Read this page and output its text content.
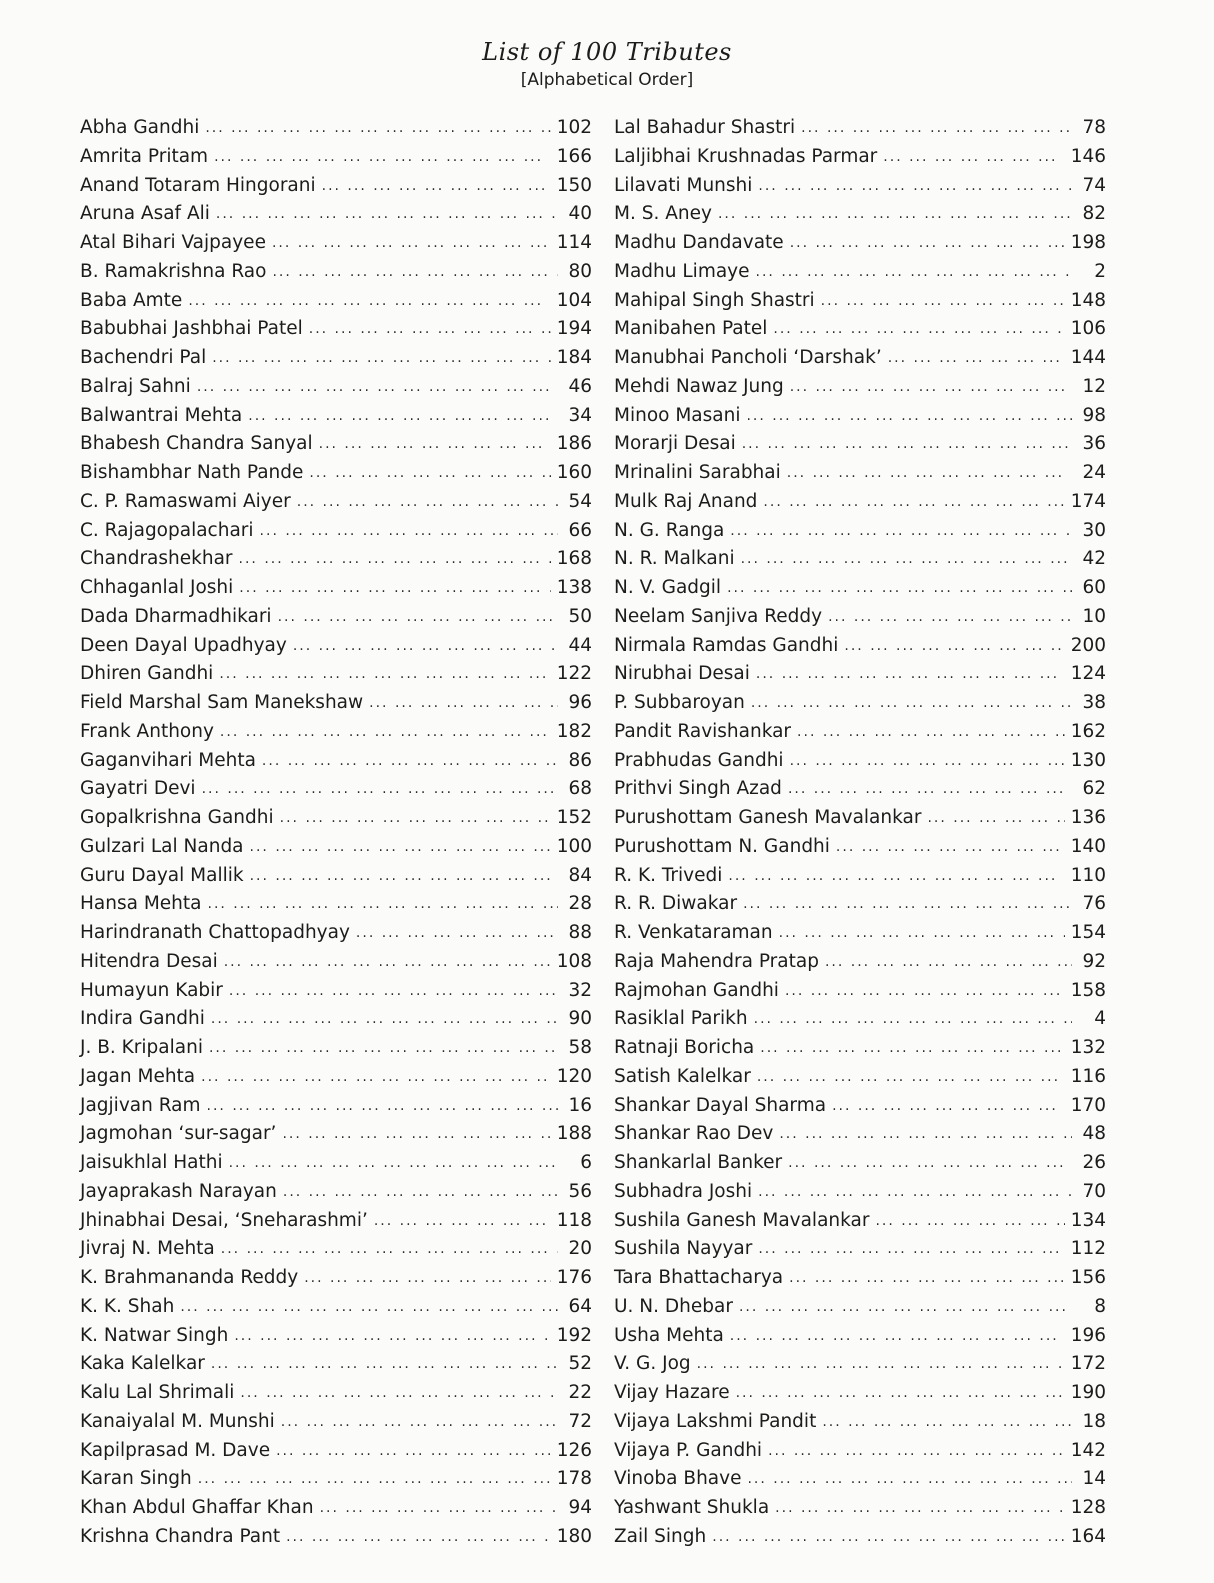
List of 100 Tributes
[Alphabetical Order]
Abha Gandhi ... .	102
Amrita Pritam ... .	166
Anand Totaram Hingorani ... .	150
Aruna Asaf Ali ... .	40
Atal Bihari Vajpayee ... .	114
B. Ramakrishna Rao ... .	80
Baba Amte ... .	104
Babubhai Jashbhai Patel ... .	194
Bachendri Pal ... .	184
Balraj Sahni ... .	46
Balwantrai Mehta ... .	34
Bhabesh Chandra Sanyal ... .	186
Bishambhar Nath Pande ... .	160
C. P. Ramaswami Aiyer ... .	54
C. Rajagopalachari ... .	66
Chandrashekhar ... .	168
Chhaganlal Joshi ... .	138
Dada Dharmadhikari ... .	50
Deen Dayal Upadhyay ... .	44
Dhiren Gandhi ... .	122
Field Marshal Sam Manekshaw ... .	96
Frank Anthony ... .	182
Gaganvihari Mehta ... .	86
Gayatri Devi ... .	68
Gopalkrishna Gandhi ... .	152
Gulzari Lal Nanda ... .	100
Guru Dayal Mallik ... .	84
Hansa Mehta ... .	28
Harindranath Chattopadhyay ... .	88
Hitendra Desai ... .	108
Humayun Kabir ... .	32
Indira Gandhi ... .	90
J. B. Kripalani ... .	58
Jagan Mehta ... .	120
Jagjivan Ram ... .	16
Jagmohan ‘sur-sagar’ ... .	188
Jaisukhlal Hathi ... .	6
Jayaprakash Narayan ... .	56
Jhinabhai Desai, ‘Sneharashmi’ ... .	118
Jivraj N. Mehta ... .	20
K. Brahmananda Reddy ... .	176
K. K. Shah ... .	64
K. Natwar Singh ... .	192
Kaka Kalelkar ... .	52
Kalu Lal Shrimali ... .	22
Kanaiyalal M. Munshi ... .	72
Kapilprasad M. Dave ... .	126
Karan Singh ... .	178
Khan Abdul Ghaffar Khan ... .	94
Krishna Chandra Pant ... .	180
Lal Bahadur Shastri ... .	78
Laljibhai Krushnadas Parmar ... .	146
Lilavati Munshi ... .	74
M. S. Aney ... .	82
Madhu Dandavate ... .	198
Madhu Limaye ... .	2
Mahipal Singh Shastri ... .	148
Manibahen Patel ... .	106
Manubhai Pancholi ‘Darshak’ ... .	144
Mehdi Nawaz Jung ... .	12
Minoo Masani ... .	98
Morarji Desai ... .	36
Mrinalini Sarabhai ... .	24
Mulk Raj Anand ... .	174
N. G. Ranga ... .	30
N. R. Malkani ... .	42
N. V. Gadgil ... .	60
Neelam Sanjiva Reddy ... .	10
Nirmala Ramdas Gandhi ... .	200
Nirubhai Desai ... .	124
P. Subbaroyan ... .	38
Pandit Ravishankar ... .	162
Prabhudas Gandhi ... .	130
Prithvi Singh Azad ... .	62
Purushottam Ganesh Mavalankar ... .	136
Purushottam N. Gandhi ... .	140
R. K. Trivedi ... .	110
R. R. Diwakar ... .	76
R. Venkataraman ... .	154
Raja Mahendra Pratap ... .	92
Rajmohan Gandhi ... .	158
Rasiklal Parikh ... .	4
Ratnaji Boricha ... .	132
Satish Kalelkar ... .	116
Shankar Dayal Sharma ... .	170
Shankar Rao Dev ... .	48
Shankarlal Banker ... .	26
Subhadra Joshi ... .	70
Sushila Ganesh Mavalankar ... .	134
Sushila Nayyar ... .	112
Tara Bhattacharya ... .	156
U. N. Dhebar ... .	8
Usha Mehta ... .	196
V. G. Jog ... .	172
Vijay Hazare ... .	190
Vijaya Lakshmi Pandit ... .	18
Vijaya P. Gandhi ... .	142
Vinoba Bhave ... .	14
Yashwant Shukla ... .	128
Zail Singh ... .	164
